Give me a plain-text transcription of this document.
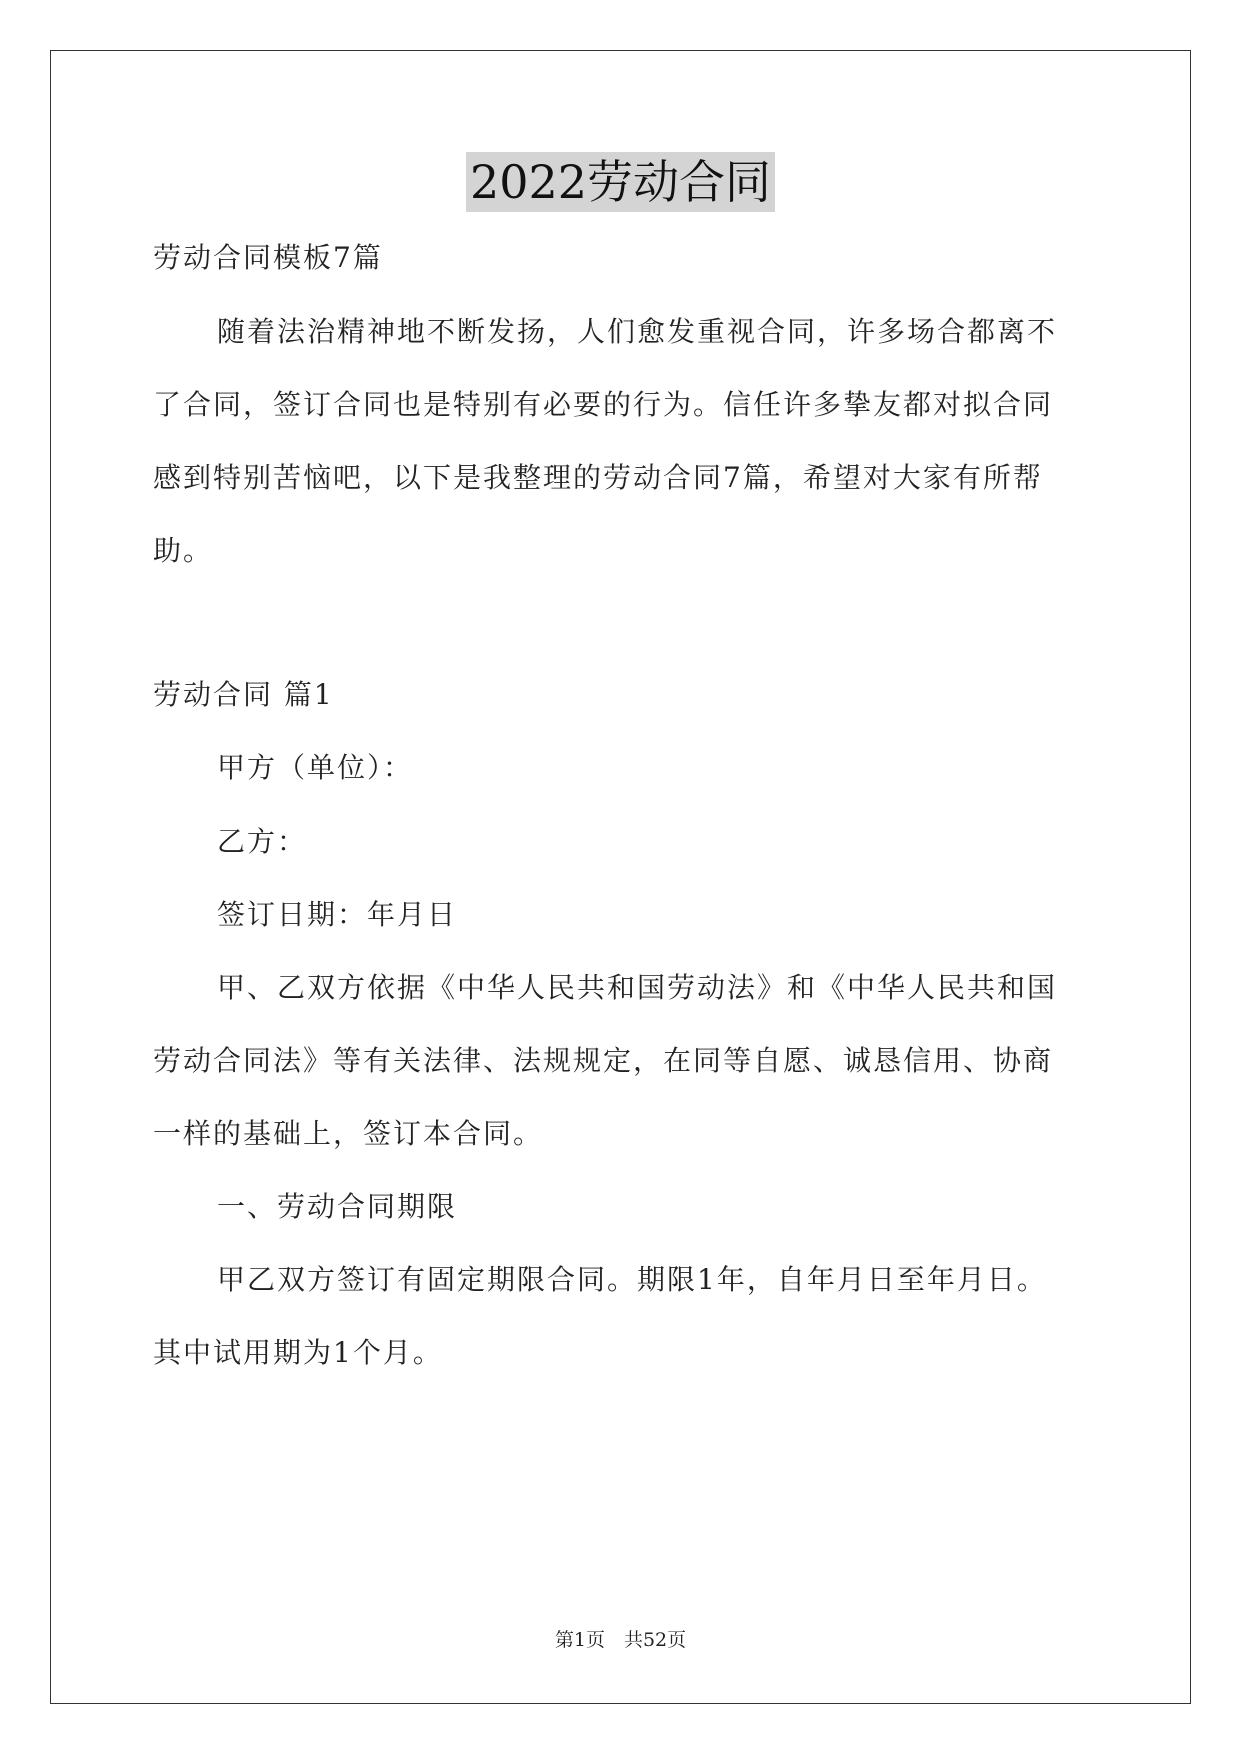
2022劳动合同
劳动合同模板7篇
随着法治精神地不断发扬，人们愈发重视合同，许多场合都离不
了合同，签订合同也是特别有必要的行为。信任许多挚友都对拟合同
感到特别苦恼吧，以下是我整理的劳动合同7篇，希望对大家有所帮
助。
劳动合同 篇1
甲方（单位）：
乙方：
签订日期：年月日
甲、乙双方依据《中华人民共和国劳动法》和《中华人民共和国
劳动合同法》等有关法律、法规规定，在同等自愿、诚恳信用、协商
一样的基础上，签订本合同。
一、劳动合同期限
甲乙双方签订有固定期限合同。期限1年，自年月日至年月日。
其中试用期为1个月。
第1页　共52页
